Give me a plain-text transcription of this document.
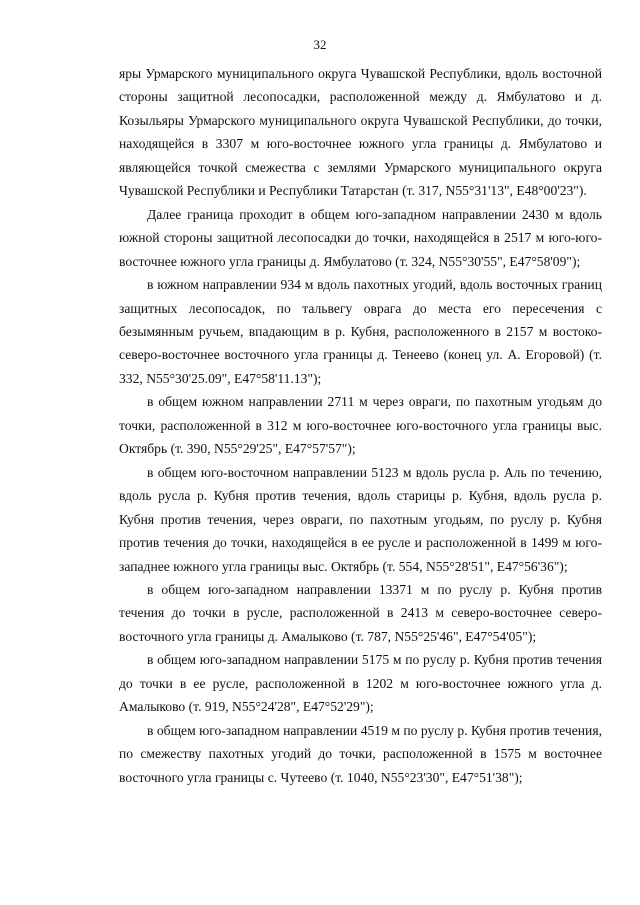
32

яры Урмарского муниципального округа Чувашской Республики, вдоль восточной стороны защитной лесопосадки, расположенной между д. Ямбулатово и д. Козыльяры Урмарского муниципального округа Чувашской Республики, до точки, находящейся в 3307 м юго-восточнее южного угла границы д. Ямбулатово и являющейся точкой смежества с землями Урмарского муниципального округа Чувашской Республики и Республики Татарстан (т. 317, N55°31'13", E48°00'23").

Далее граница проходит в общем юго-западном направлении 2430 м вдоль южной стороны защитной лесопосадки до точки, находящейся в 2517 м юго-юго-восточнее южного угла границы д. Ямбулатово (т. 324, N55°30'55", E47°58'09");

в южном направлении 934 м вдоль пахотных угодий, вдоль восточных границ защитных лесопосадок, по тальвегу оврага до места его пересечения с безымянным ручьем, впадающим в р. Кубня, расположенного в 2157 м востоко-северо-восточнее восточного угла границы д. Тенеево (конец ул. А. Егоровой) (т. 332, N55°30'25.09", E47°58'11.13");

в общем южном направлении 2711 м через овраги, по пахотным угодьям до точки, расположенной в 312 м юго-восточнее юго-восточного угла границы выс. Октябрь (т. 390, N55°29'25", E47°57'57");

в общем юго-восточном направлении 5123 м вдоль русла р. Аль по течению, вдоль русла р. Кубня против течения, вдоль старицы р. Кубня, вдоль русла р. Кубня против течения, через овраги, по пахотным угодьям, по руслу р. Кубня против течения до точки, находящейся в ее русле и расположенной в 1499 м юго-западнее южного угла границы выс. Октябрь (т. 554, N55°28'51", E47°56'36");

в общем юго-западном направлении 13371 м по руслу р. Кубня против течения до точки в русле, расположенной в 2413 м северо-восточнее северо-восточного угла границы д. Амалыково (т. 787, N55°25'46", E47°54'05");

в общем юго-западном направлении 5175 м по руслу р. Кубня против течения до точки в ее русле, расположенной в 1202 м юго-восточнее южного угла д. Амалыково (т. 919, N55°24'28", E47°52'29");

в общем юго-западном направлении 4519 м по руслу р. Кубня против течения, по смежеству пахотных угодий до точки, расположенной в 1575 м восточнее восточного угла границы с. Чутеево (т. 1040, N55°23'30", E47°51'38");
